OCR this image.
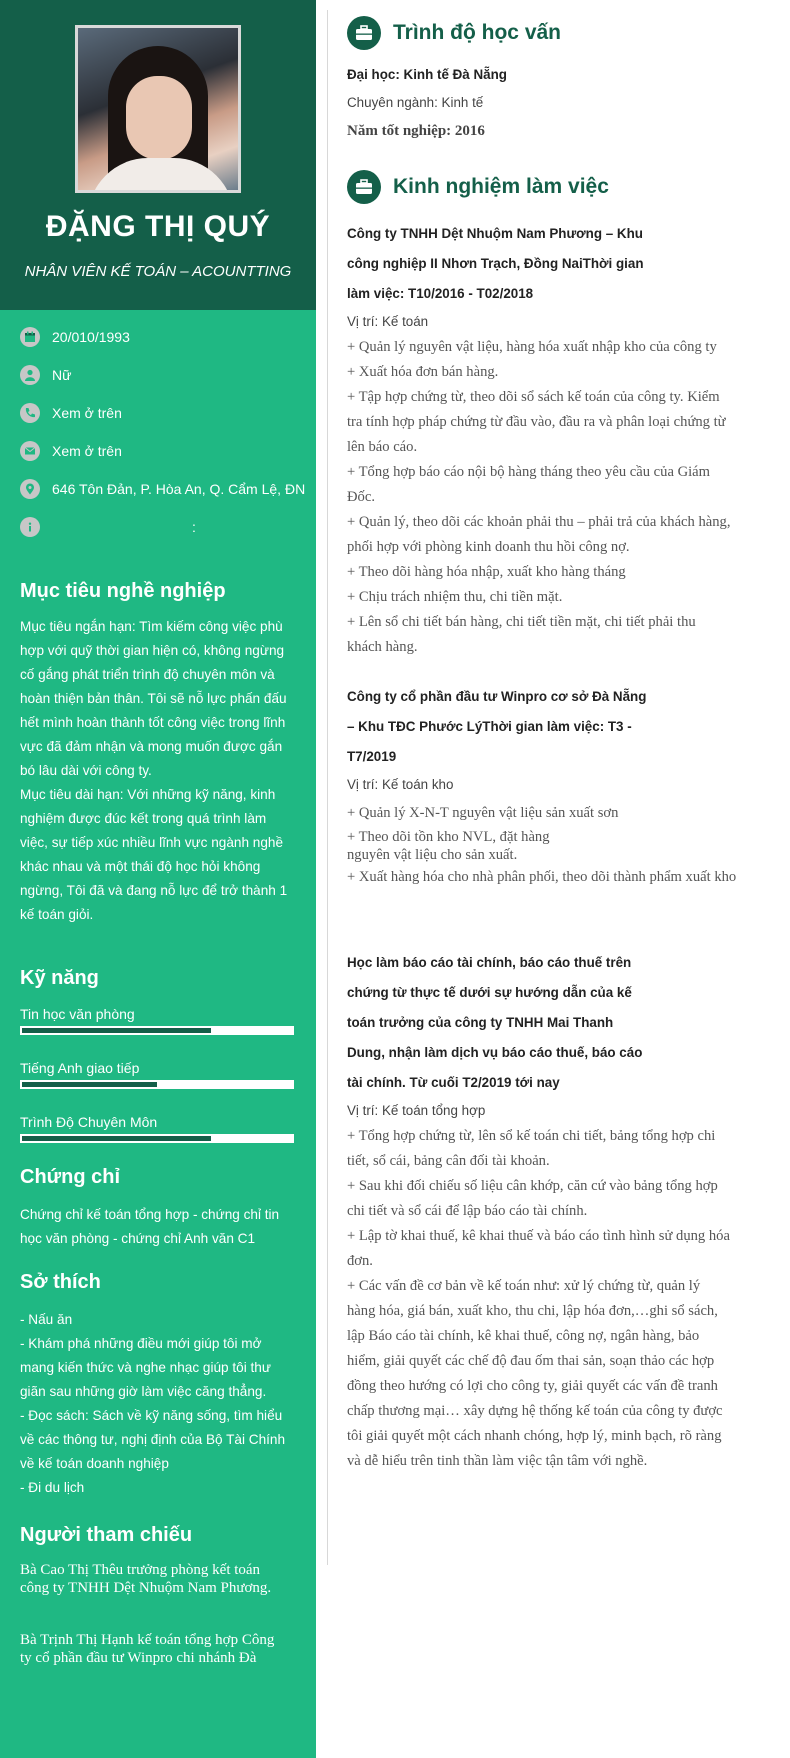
ĐẶNG THỊ QUÝ
NHÂN VIÊN KẾ TOÁN – ACOUNTTING
20/010/1993
Nữ
Xem ở trên
Xem ở trên
646 Tôn Đản, P. Hòa An, Q. Cẩm Lệ, ĐN
:
Mục tiêu nghề nghiệp
Mục tiêu ngắn hạn: Tìm kiếm công việc phù
hợp với quỹ thời gian hiện có, không ngừng
cố gắng phát triển trình độ chuyên môn và
hoàn thiện bản thân. Tôi sẽ nỗ lực phấn đấu
hết mình hoàn thành tốt công việc trong lĩnh
vực đã đảm nhận và mong muốn được gắn
bó lâu dài với công ty.
Mục tiêu dài hạn: Với những kỹ năng, kinh
nghiệm được đúc kết trong quá trình làm
việc, sự tiếp xúc nhiều lĩnh vực ngành nghề
khác nhau và một thái độ học hỏi không
ngừng, Tôi đã và đang nỗ lực để trở thành 1
kế toán giỏi.
Kỹ năng
Tin học văn phòng
Tiếng Anh giao tiếp
Trình Độ Chuyên Môn
Chứng chỉ
Chứng chỉ kế toán tổng hợp - chứng chỉ tin
học văn phòng - chứng chỉ Anh văn C1
Sở thích
- Nấu ăn
- Khám phá những điều mới giúp tôi mở
mang kiến thức và nghe nhạc giúp tôi thư
giãn sau những giờ làm việc căng thẳng.
- Đọc sách: Sách về kỹ năng sống, tìm hiểu
về các thông tư, nghị định của Bộ Tài Chính
về kế toán doanh nghiệp
- Đi du lịch
Người tham chiếu

Bà Cao Thị Thêu trưởng phòng kết toán công ty TNHH Dệt Nhuộm Nam Phương.

Bà Trịnh Thị Hạnh kế toán tổng hợp Công ty cổ phần đầu tư Winpro chi nhánh Đà

Trình độ học vấn
Đại học: Kinh tế Đà Nẵng
Chuyên ngành: Kinh tế
Năm tốt nghiệp: 2016
Kinh nghiệm làm việc
Công ty TNHH Dệt Nhuộm Nam Phương – Khu
công nghiệp II Nhơn Trạch, Đồng NaiThời gian
làm việc: T10/2016 - T02/2018
Vị trí: Kế toán
+ Quản lý nguyên vật liệu, hàng hóa xuất nhập kho của công ty
+ Xuất hóa đơn bán hàng.
+ Tập hợp chứng từ, theo dõi sổ sách kế toán của công ty. Kiểm
tra tính hợp pháp chứng từ đầu vào, đầu ra và phân loại chứng từ
lên báo cáo.
+ Tổng hợp báo cáo nội bộ hàng tháng theo yêu cầu của Giám
Đốc.
+ Quản lý, theo dõi các khoản phải thu – phải trả của khách hàng,
phối hợp với phòng kinh doanh thu hồi công nợ.
+ Theo dõi hàng hóa nhập, xuất kho hàng tháng
+ Chịu trách nhiệm thu, chi tiền mặt.
+ Lên sổ chi tiết bán hàng, chi tiết tiền mặt, chi tiết phải thu
khách hàng.
Công ty cổ phần đầu tư Winpro cơ sở Đà Nẵng
– Khu TĐC Phước LýThời gian làm việc: T3 -
T7/2019
Vị trí: Kế toán kho
+ Quản lý X-N-T nguyên vật liệu sản xuất sơn
+ Theo dõi tồn kho NVL, đặt hàng
nguyên vật liệu cho sản xuất.
+ Xuất hàng hóa cho nhà phân phối, theo dõi thành phẩm xuất kho
Học làm báo cáo tài chính, báo cáo thuế trên
chứng từ thực tế dưới sự hướng dẫn của kế
toán trưởng của công ty TNHH Mai Thanh
Dung, nhận làm dịch vụ báo cáo thuế, báo cáo
tài chính. Từ cuối T2/2019 tới nay
Vị trí: Kế toán tổng hợp
+ Tổng hợp chứng từ, lên sổ kế toán chi tiết, bảng tổng hợp chi
tiết, sổ cái, bảng cân đối tài khoản.
+ Sau khi đối chiếu số liệu cân khớp, căn cứ vào bảng tổng hợp
chi tiết và sổ cái để lập báo cáo tài chính.
+ Lập tờ khai thuế, kê khai thuế và báo cáo tình hình sử dụng hóa
đơn.
+ Các vấn đề cơ bản về kế toán như: xử lý chứng từ, quản lý
hàng hóa, giá bán, xuất kho, thu chi, lập hóa đơn,…ghi sổ sách,
lập Báo cáo tài chính, kê khai thuế, công nợ, ngân hàng, bảo
hiểm, giải quyết các chế độ đau ốm thai sản, soạn thảo các hợp
đồng theo hướng có lợi cho công ty, giải quyết các vấn đề tranh
chấp thương mại… xây dựng hệ thống kế toán của công ty được
tôi giải quyết một cách nhanh chóng, hợp lý, minh bạch, rõ ràng
và dễ hiểu trên tinh thần làm việc tận tâm với nghề.
